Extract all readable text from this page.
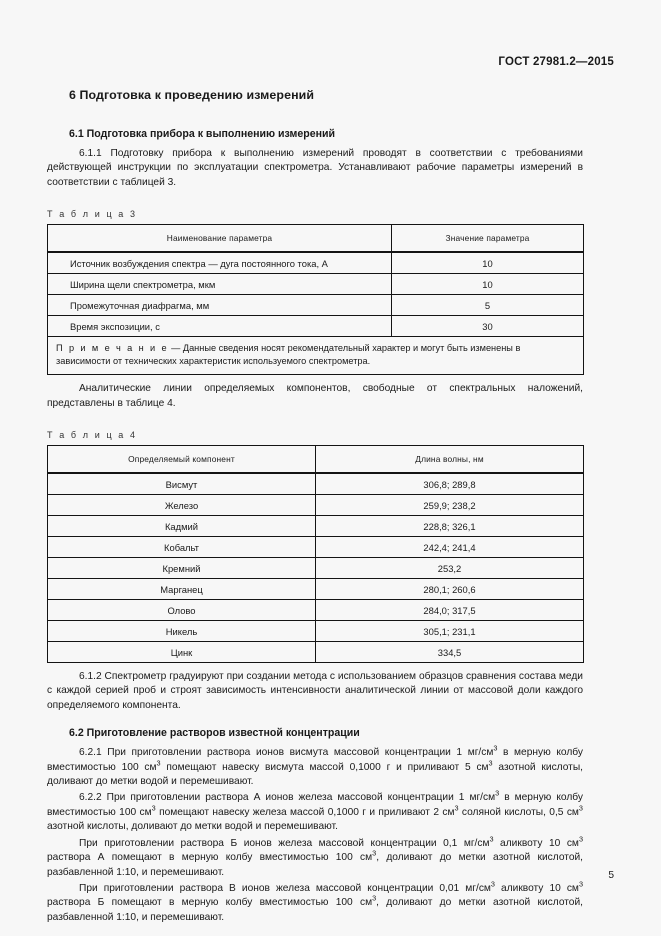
ГОСТ 27981.2—2015
6 Подготовка к проведению измерений
6.1 Подготовка прибора к выполнению измерений

6.1.1 Подготовку прибора к выполнению измерений проводят в соответствии с требованиями действующей инструкции по эксплуатации спектрометра. Устанавливают рабочие параметры измерений в соответствии с таблицей 3.

Т а б л и ц а 3
Наименование параметра	Значение параметра
Источник возбуждения спектра — дуга постоянного тока, А	10
Ширина щели спектрометра, мкм	10
Промежуточная диафрагма, мм	5
Время экспозиции, с	30
П р и м е ч а н и е — Данные сведения носят рекомендательный характер и могут быть изменены в зависимости от технических характеристик используемого спектрометра.	

Аналитические линии определяемых компонентов, свободные от спектральных наложений, представлены в таблице 4.

Т а б л и ц а 4
Определяемый компонент	Длина волны, нм
Висмут	306,8; 289,8
Железо	259,9; 238,2
Кадмий	228,8; 326,1
Кобальт	242,4; 241,4
Кремний	253,2
Марганец	280,1; 260,6
Олово	284,0; 317,5
Никель	305,1; 231,1
Цинк	334,5

6.1.2 Спектрометр градуируют при создании метода с использованием образцов сравнения состава меди с каждой серией проб и строят зависимость интенсивности аналитической линии от массовой доли каждого определяемого компонента.

6.2 Приготовление растворов известной концентрации

6.2.1 При приготовлении раствора ионов висмута массовой концентрации 1 $мг/см^3$ в мерную колбу вместимостью 100 $см^3$ помещают навеску висмута массой 0,1000 г и приливают 5 $см^3$ азотной кислоты, доливают до метки водой и перемешивают.

6.2.2 При приготовлении раствора А ионов железа массовой концентрации 1 $мг/см^3$ в мерную колбу вместимостью 100 $см^3$ помещают навеску железа массой 0,1000 г и приливают 2 $см^3$ соляной кислоты, 0,5 $см^3$ азотной кислоты, доливают до метки водой и перемешивают.

При приготовлении раствора Б ионов железа массовой концентрации 0,1 $мг/см^3$ аликвоту 10 $см^3$ раствора А помещают в мерную колбу вместимостью 100 $см^3$, доливают до метки азотной кислотой, разбавленной 1:10, и перемешивают.

При приготовлении раствора В ионов железа массовой концентрации 0,01 $мг/см^3$ аликвоту 10 $см^3$ раствора Б помещают в мерную колбу вместимостью 100 $см^3$, доливают до метки азотной кислотой, разбавленной 1:10, и перемешивают.

5
